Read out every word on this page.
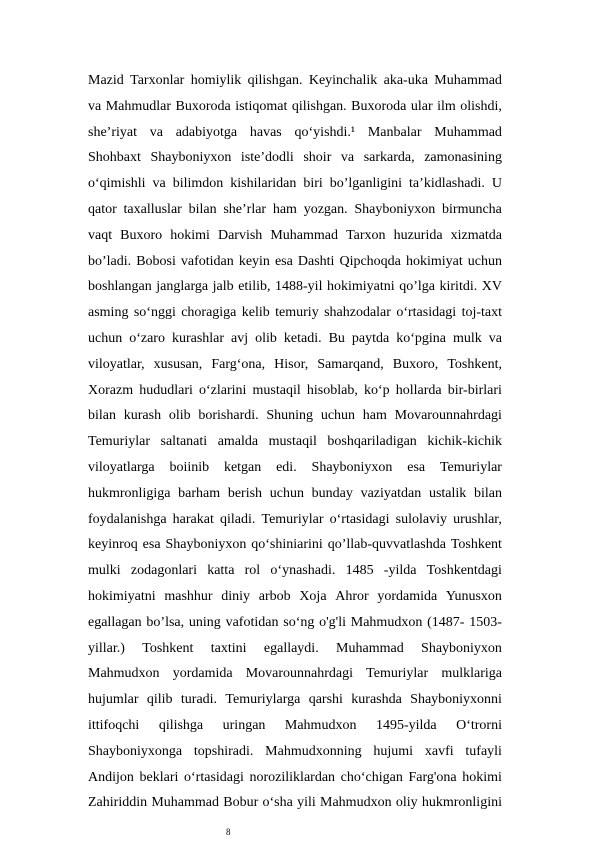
Mazid Tarxonlar homiylik qilishgan. Keyinchalik aka-uka Muhammad
va Mahmudlar Buxoroda istiqomat qilishgan. Buxoroda ular ilm olishdi,
she’riyat va adabiyotga havas qo‘yishdi.¹ Manbalar Muhammad
Shohbaxt Shayboniyxon iste’dodli shoir va sarkarda, zamonasining
o‘qimishli va bilimdon kishilaridan biri bo’lganligini ta’kidlashadi. U
qator taxalluslar bilan she’rlar ham yozgan. Shayboniyxon birmuncha
vaqt Buxoro hokimi Darvish Muhammad Tarxon huzurida xizmatda
bo’ladi. Bobosi vafotidan keyin esa Dashti Qipchoqda hokimiyat uchun
boshlangan janglarga jalb etilib, 1488-yil hokimiyatni qo’lga kiritdi. XV
asming so‘nggi choragiga kelib temuriy shahzodalar o‘rtasidagi toj-taxt
uchun o‘zaro kurashlar avj olib ketadi. Bu paytda ko‘pgina mulk va
viloyatlar, xususan, Farg‘ona, Hisor, Samarqand, Buxoro, Toshkent,
Xorazm hududlari o‘zlarini mustaqil hisoblab, ko‘p hollarda bir-birlari
bilan kurash olib borishardi. Shuning uchun ham Movarounnahrdagi
Temuriylar saltanati amalda mustaqil boshqariladigan kichik-kichik
viloyatlarga boiinib ketgan edi. Shayboniyxon esa Temuriylar
hukmronligiga barham berish uchun bunday vaziyatdan ustalik bilan
foydalanishga harakat qiladi. Temuriylar o‘rtasidagi sulolaviy urushlar,
keyinroq esa Shayboniyxon qo‘shiniarini qo’llab-quvvatlashda Toshkent
mulki zodagonlari katta rol o‘ynashadi. 1485 -yilda Toshkentdagi
hokimiyatni mashhur diniy arbob Xoja Ahror yordamida Yunusxon
egallagan bo’lsa, uning vafotidan so‘ng o'g'li Mahmudxon (1487- 1503-
yillar.) Toshkent taxtini egallaydi. Muhammad Shayboniyxon
Mahmudxon yordamida Movarounnahrdagi Temuriylar mulklariga
hujumlar qilib turadi. Temuriylarga qarshi kurashda Shayboniyxonni
ittifoqchi qilishga uringan Mahmudxon 1495-yilda O‘trorni
Shayboniyxonga topshiradi. Mahmudxonning hujumi xavfi tufayli
Andijon beklari o‘rtasidagi noroziliklardan cho‘chigan Farg'ona hokimi
Zahiriddin Muhammad Bobur o‘sha yili Mahmudxon oliy hukmronligini
8
